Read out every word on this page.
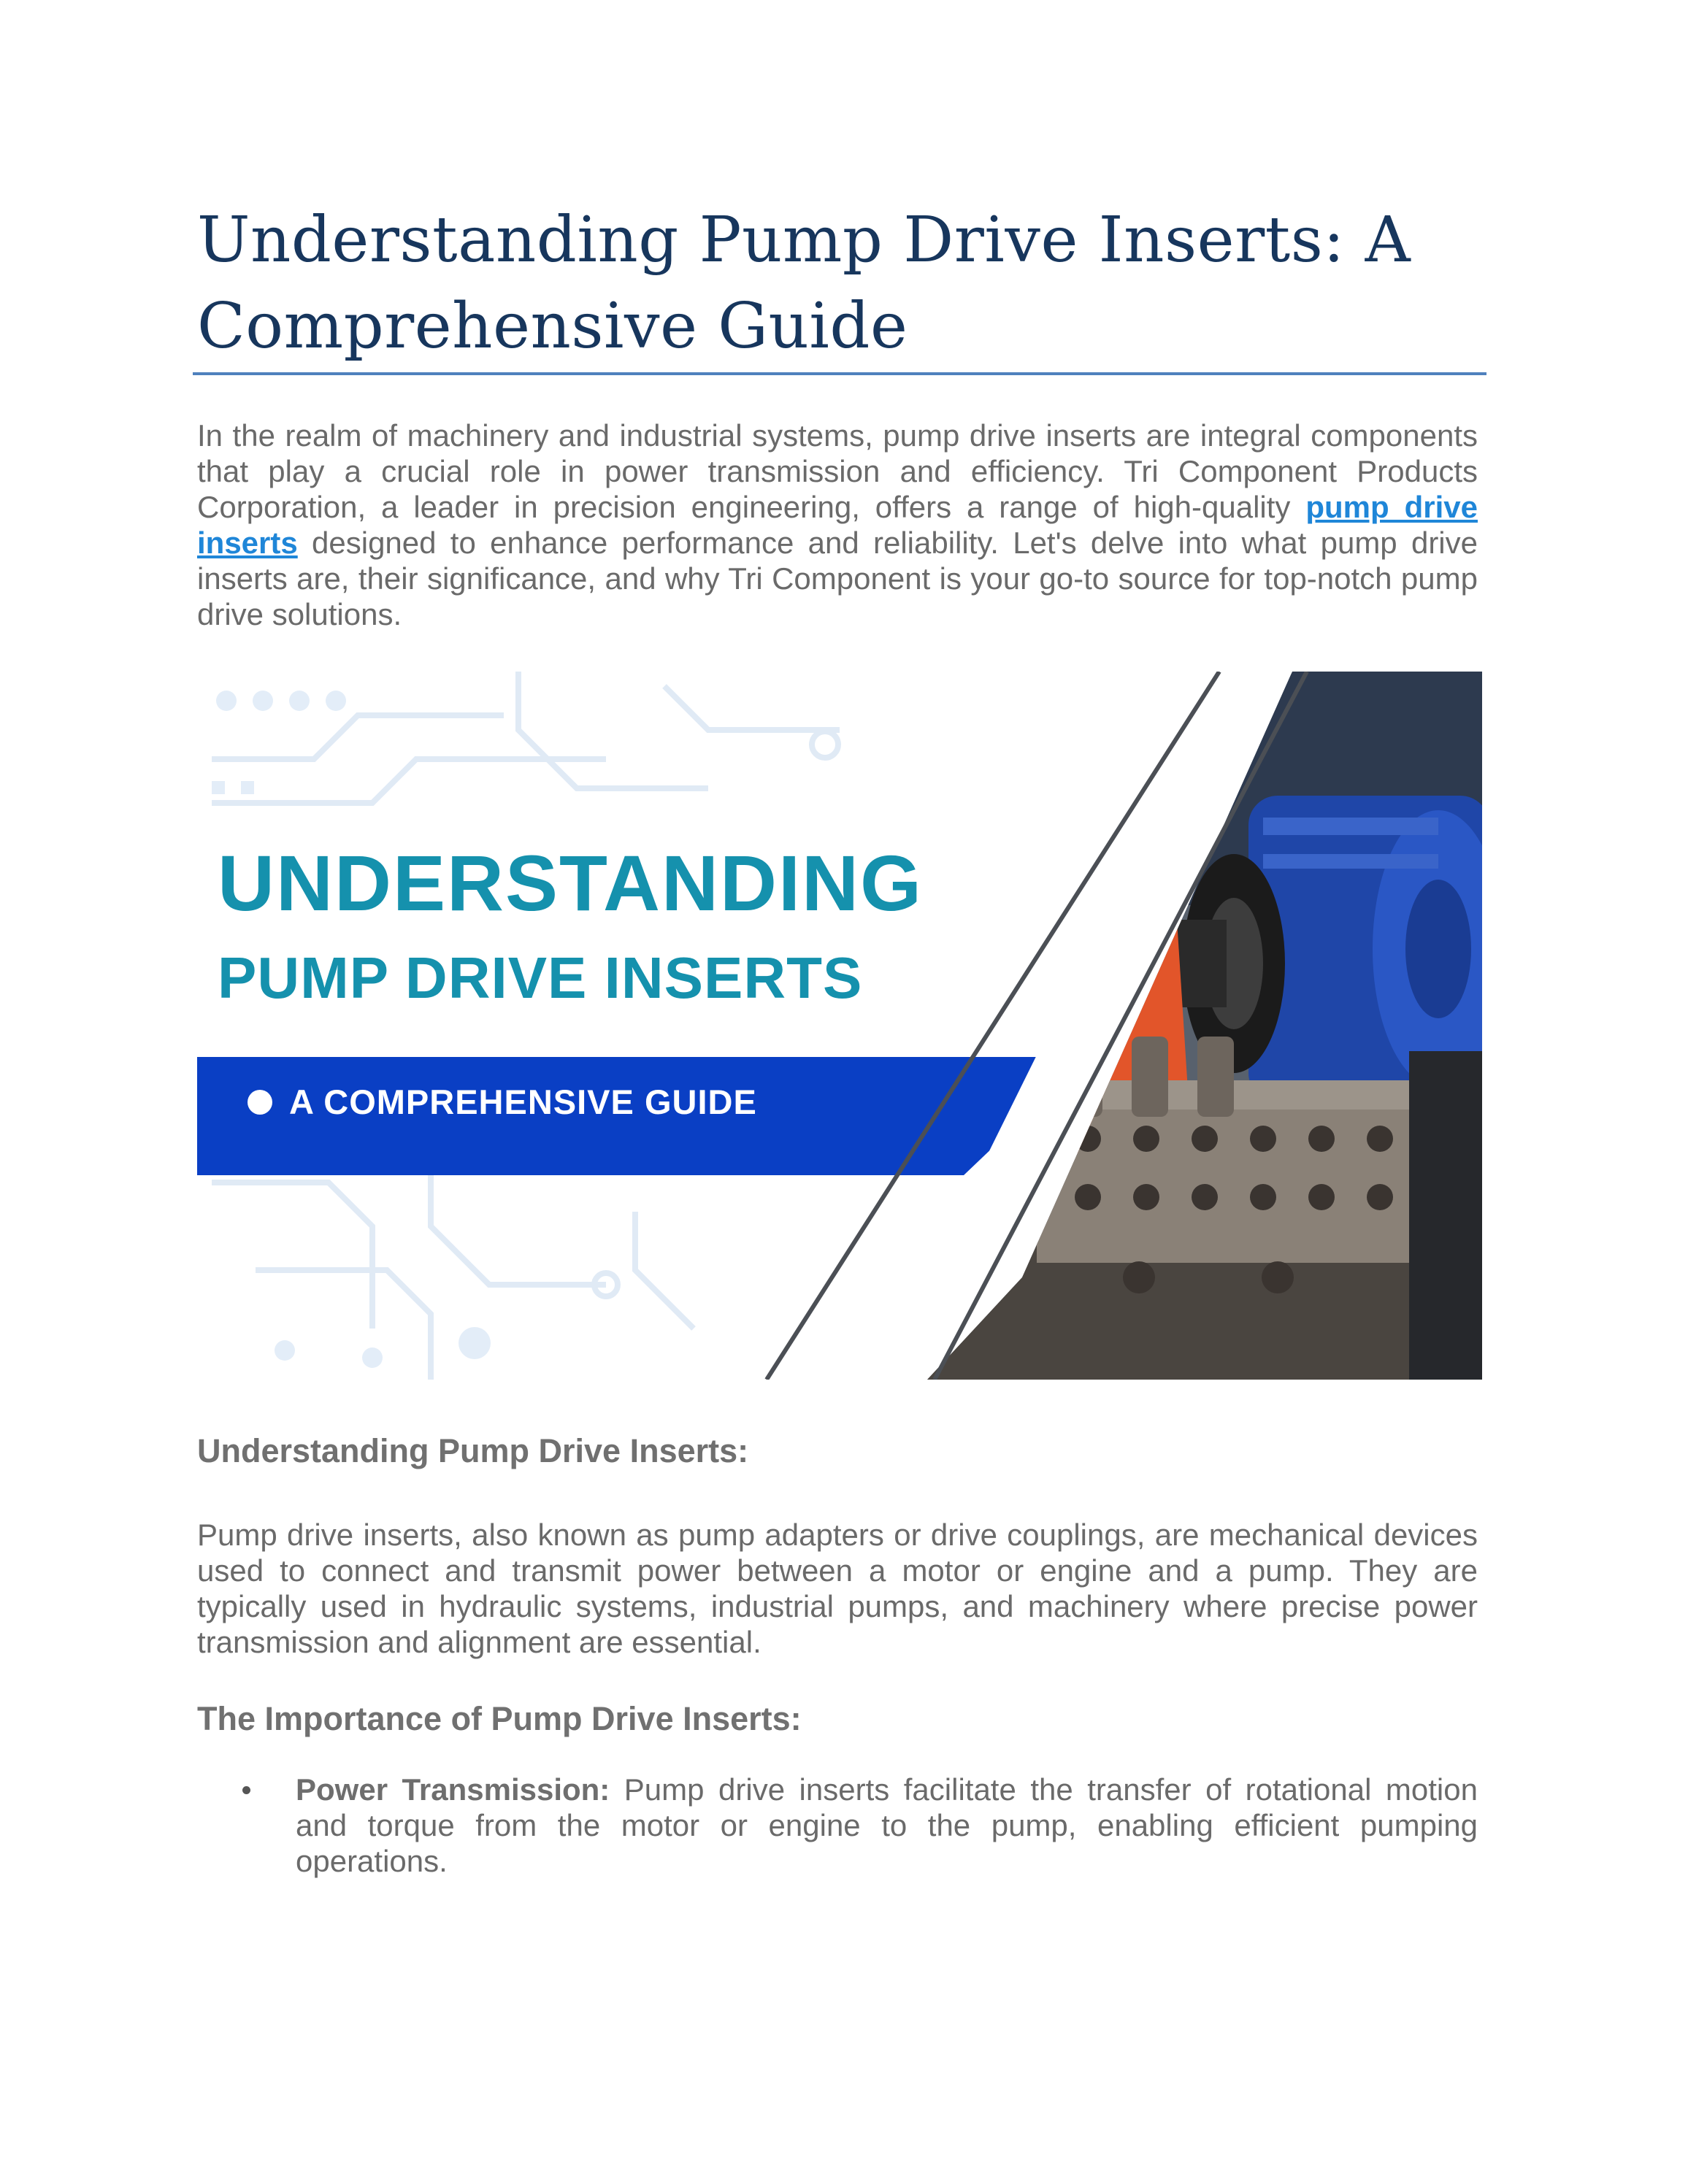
Understanding Pump Drive Inserts: A Comprehensive Guide

In the realm of machinery and industrial systems, pump drive inserts are integral components that play a crucial role in power transmission and efficiency. Tri Component Products Corporation, a leader in precision engineering, offers a range of high-quality pump drive inserts designed to enhance performance and reliability. Let's delve into what pump drive inserts are, their significance, and why Tri Component is your go-to source for top-notch pump drive solutions.

UNDERSTANDING
PUMP DRIVE INSERTS
A COMPREHENSIVE GUIDE
Understanding Pump Drive Inserts:

Pump drive inserts, also known as pump adapters or drive couplings, are mechanical devices used to connect and transmit power between a motor or engine and a pump. They are typically used in hydraulic systems, industrial pumps, and machinery where precise power transmission and alignment are essential.

The Importance of Pump Drive Inserts:
Power Transmission: Pump drive inserts facilitate the transfer of rotational motion and torque from the motor or engine to the pump, enabling efficient pumping operations.
